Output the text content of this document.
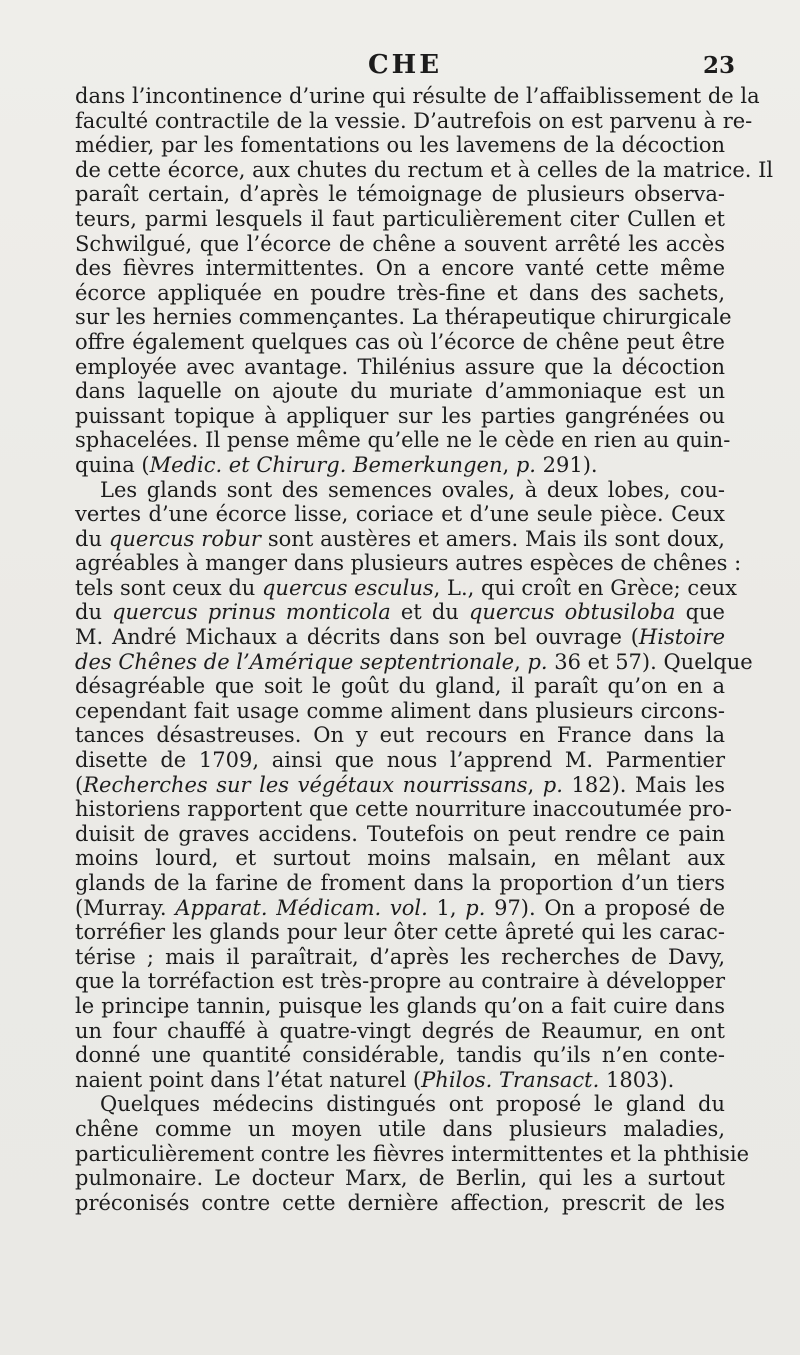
CHE	23
dans l’incontinence d’urine qui résulte de l’affaiblissement de la
faculté contractile de la vessie. D’autrefois on est parvenu à re-
médier, par les fomentations ou les lavemens de la décoction
de cette écorce, aux chutes du rectum et à celles de la matrice. Il
paraît certain, d’après le témoignage de plusieurs observa-
teurs, parmi lesquels il faut particulièrement citer Cullen et
Schwilgué, que l’écorce de chêne a souvent arrêté les accès
des fièvres intermittentes. On a encore vanté cette même
écorce appliquée en poudre très-fine et dans des sachets,
sur les hernies commençantes. La thérapeutique chirurgicale
offre également quelques cas où l’écorce de chêne peut être
employée avec avantage. Thilénius assure que la décoction
dans laquelle on ajoute du muriate d’ammoniaque est un
puissant topique à appliquer sur les parties gangrénées ou
sphacelées. Il pense même qu’elle ne le cède en rien au quin-
quina (Medic. et Chirurg. Bemerkungen, p. 291).
Les glands sont des semences ovales, à deux lobes, cou-
vertes d’une écorce lisse, coriace et d’une seule pièce. Ceux
du quercus robur sont austères et amers. Mais ils sont doux,
agréables à manger dans plusieurs autres espèces de chênes :
tels sont ceux du quercus esculus, L., qui croît en Grèce; ceux
du quercus prinus monticola et du quercus obtusiloba que
M. André Michaux a décrits dans son bel ouvrage (Histoire
des Chênes de l’Amérique septentrionale, p. 36 et 57). Quelque
désagréable que soit le goût du gland, il paraît qu’on en a
cependant fait usage comme aliment dans plusieurs circons-
tances désastreuses. On y eut recours en France dans la
disette de 1709, ainsi que nous l’apprend M. Parmentier
(Recherches sur les végétaux nourrissans, p. 182). Mais les
historiens rapportent que cette nourriture inaccoutumée pro-
duisit de graves accidens. Toutefois on peut rendre ce pain
moins lourd, et surtout moins malsain, en mêlant aux
glands de la farine de froment dans la proportion d’un tiers
(Murray. Apparat. Médicam. vol. 1, p. 97). On a proposé de
torréfier les glands pour leur ôter cette âpreté qui les carac-
térise ; mais il paraîtrait, d’après les recherches de Davy,
que la torréfaction est très-propre au contraire à développer
le principe tannin, puisque les glands qu’on a fait cuire dans
un four chauffé à quatre-vingt degrés de Reaumur, en ont
donné une quantité considérable, tandis qu’ils n’en conte-
naient point dans l’état naturel (Philos. Transact. 1803).
Quelques médecins distingués ont proposé le gland du
chêne comme un moyen utile dans plusieurs maladies,
particulièrement contre les fièvres intermittentes et la phthisie
pulmonaire. Le docteur Marx, de Berlin, qui les a surtout
préconisés contre cette dernière affection, prescrit de les
